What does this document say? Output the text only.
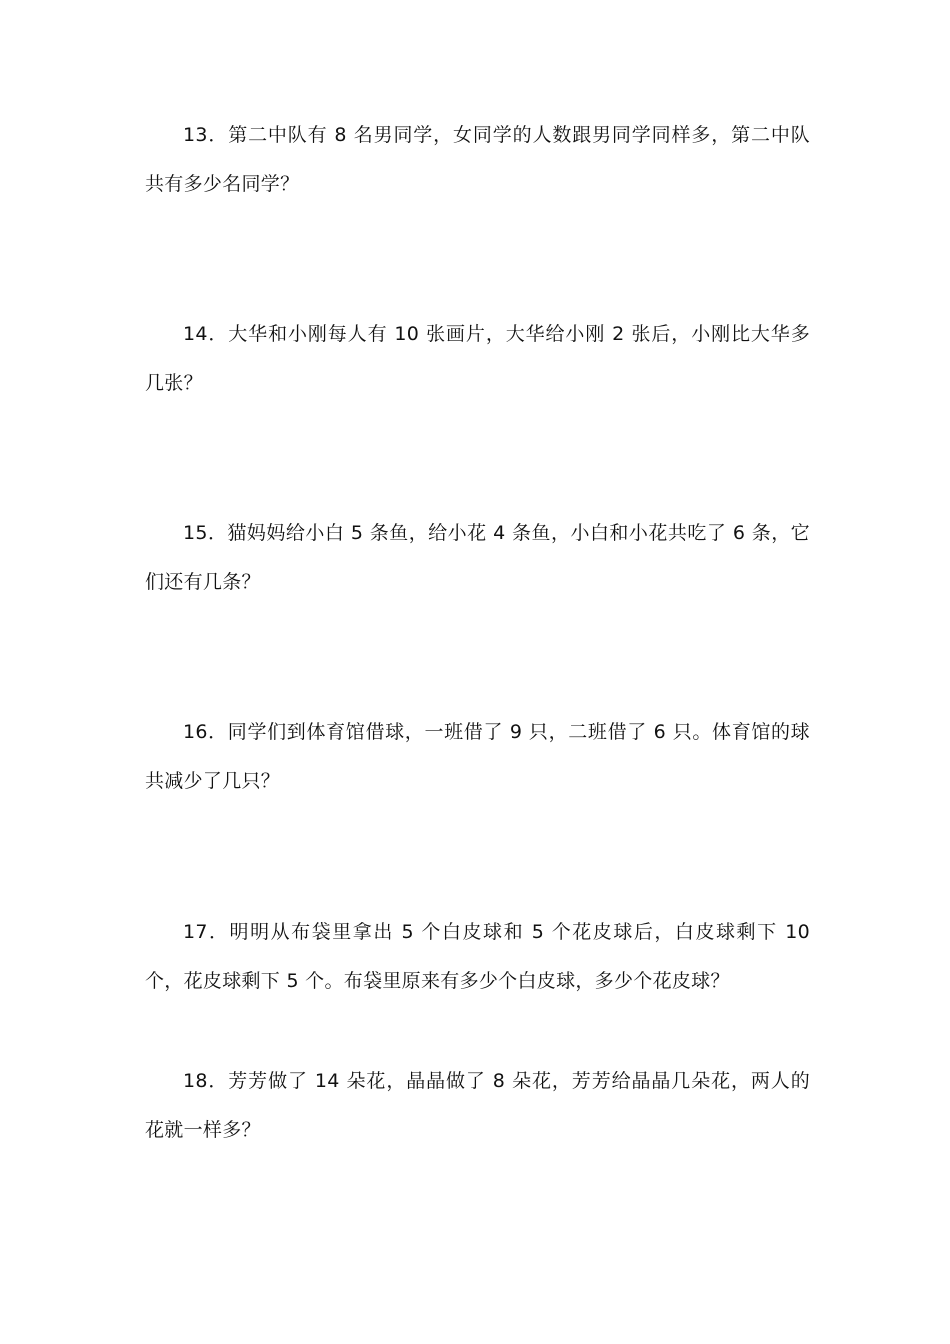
13．第二中队有 8 名男同学，女同学的人数跟男同学同样多，第二中队共有多少名同学？

14．大华和小刚每人有 10 张画片，大华给小刚 2 张后，小刚比大华多几张？

15．猫妈妈给小白 5 条鱼，给小花 4 条鱼，小白和小花共吃了 6 条，它们还有几条？

16．同学们到体育馆借球，一班借了 9 只，二班借了 6 只。体育馆的球共减少了几只？

17．明明从布袋里拿出 5 个白皮球和 5 个花皮球后，白皮球剩下 10 个，花皮球剩下 5 个。布袋里原来有多少个白皮球，多少个花皮球？

18．芳芳做了 14 朵花，晶晶做了 8 朵花，芳芳给晶晶几朵花，两人的花就一样多？
